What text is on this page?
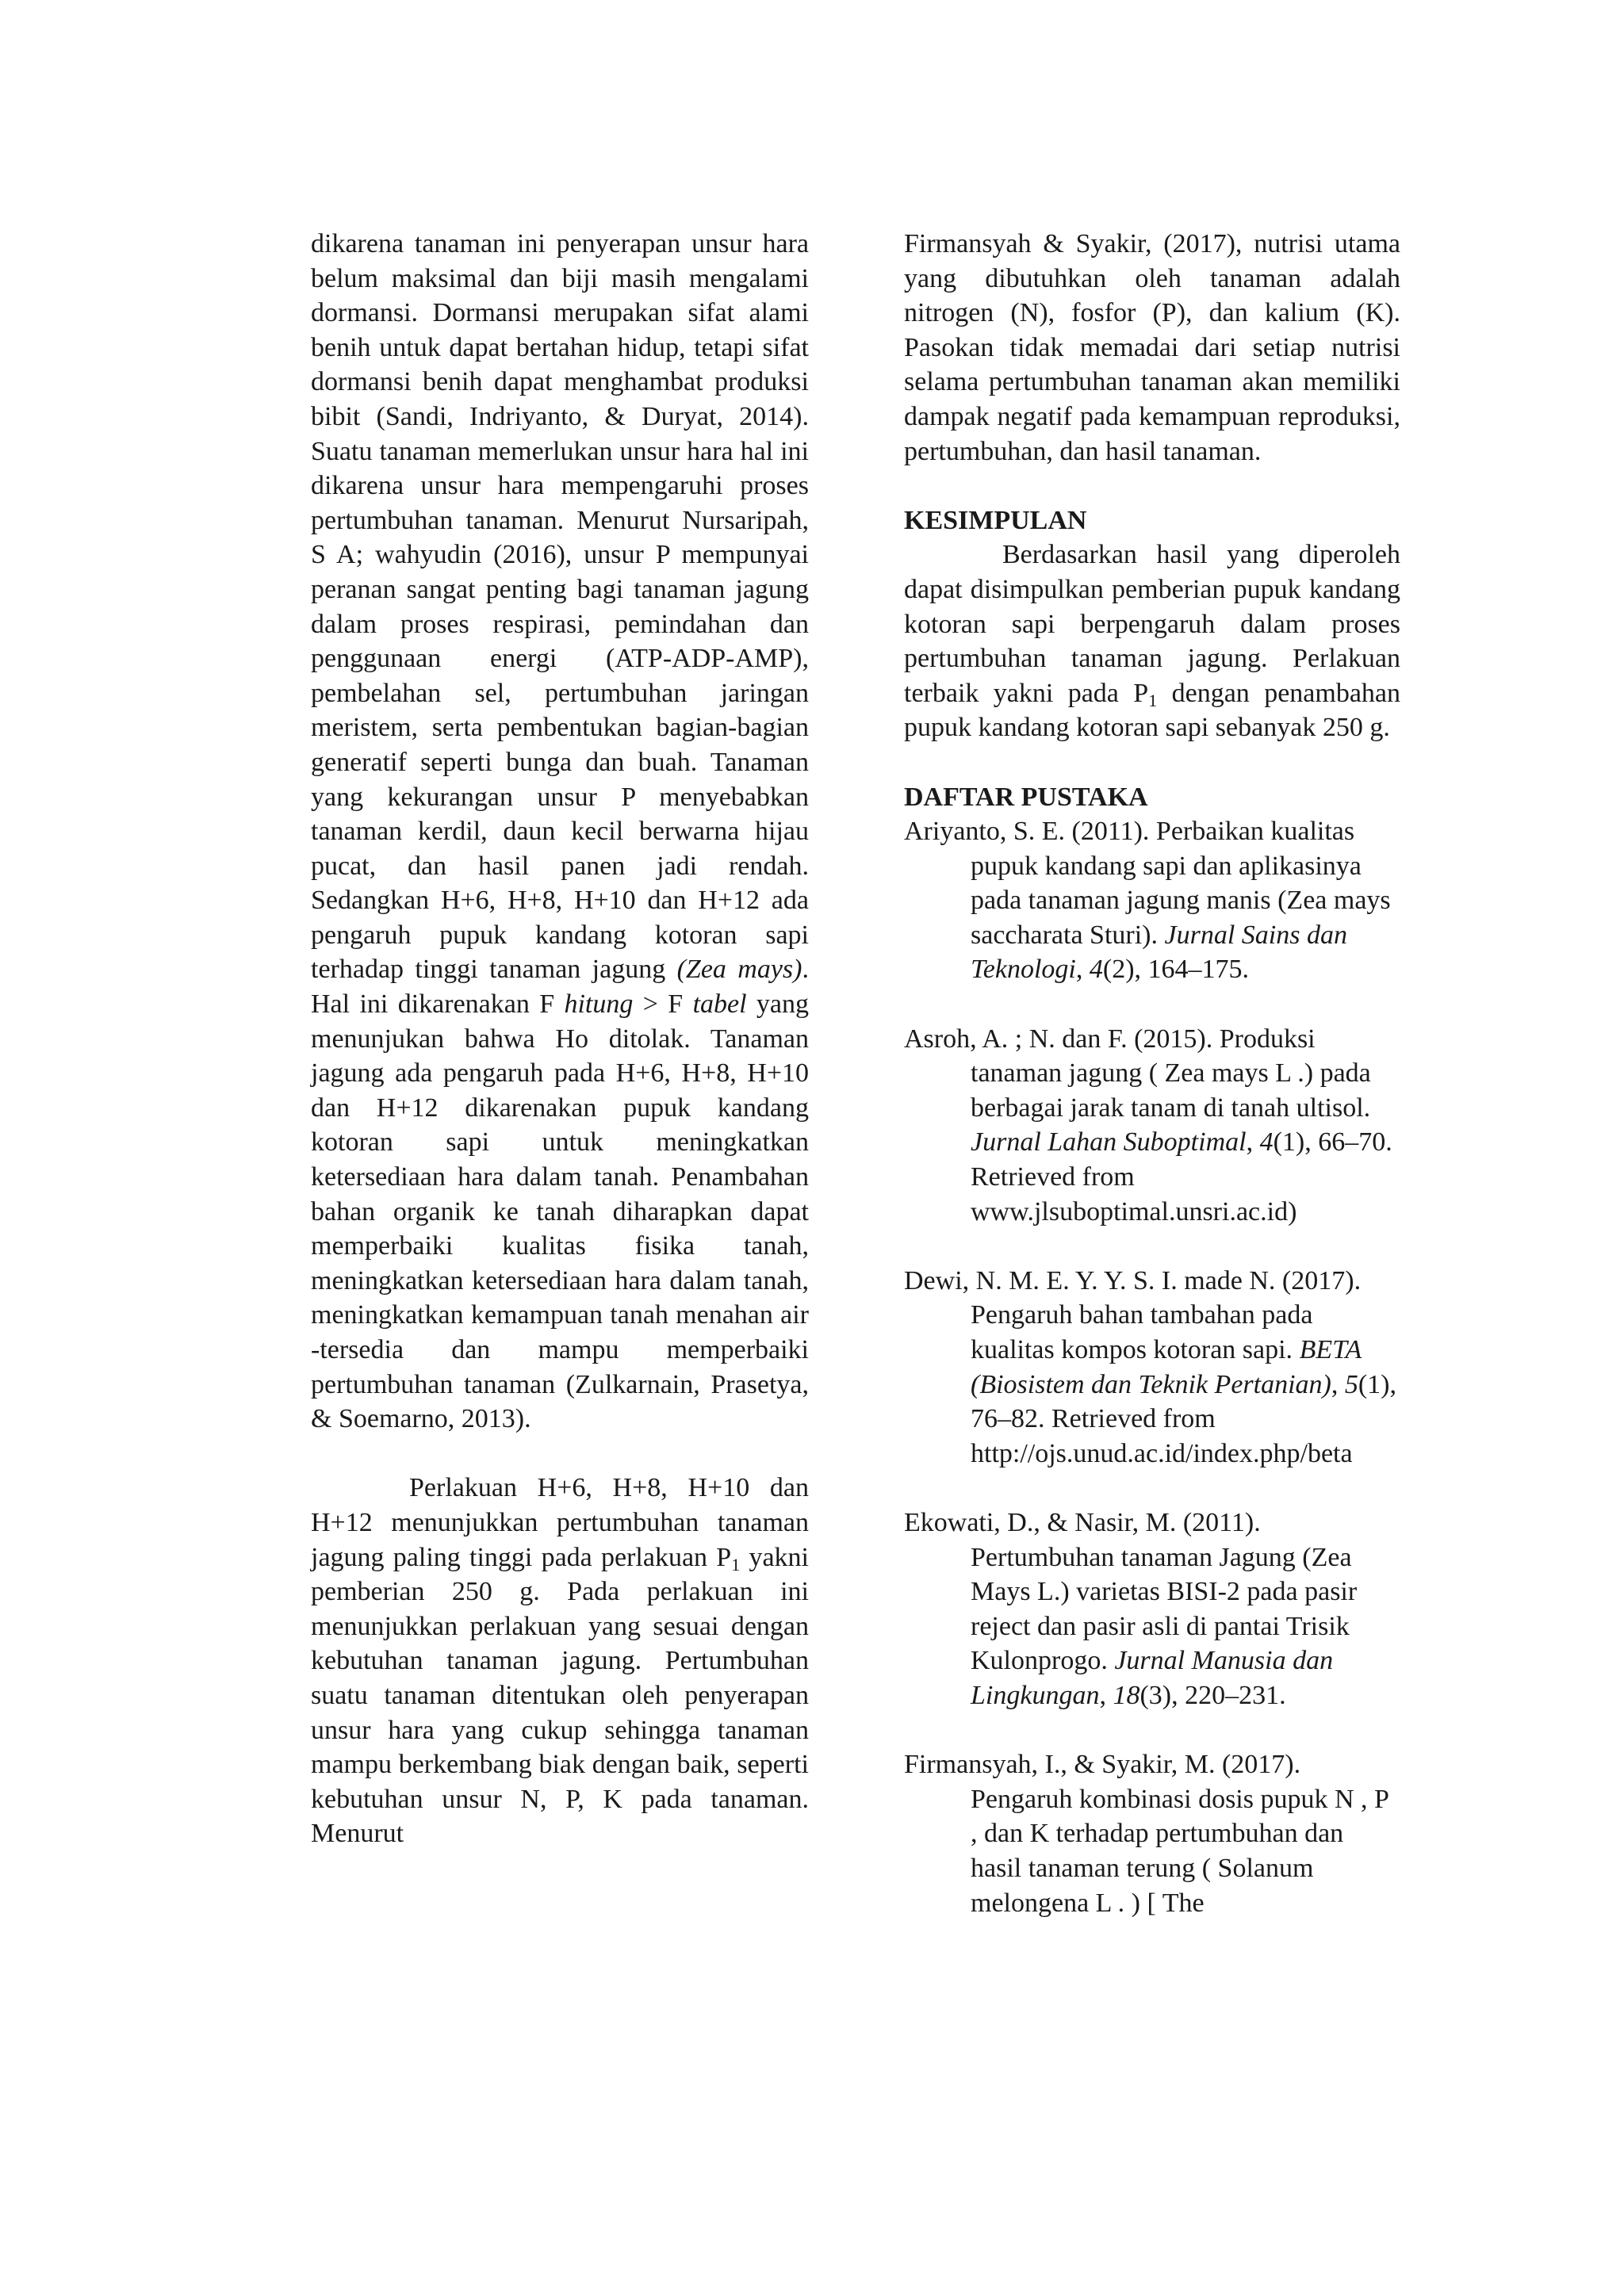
dikarena tanaman ini penyerapan unsur hara belum maksimal dan biji masih mengalami dormansi. Dormansi merupakan sifat alami benih untuk dapat bertahan hidup, tetapi sifat dormansi benih dapat menghambat produksi bibit (Sandi, Indriyanto, & Duryat, 2014). Suatu tanaman memerlukan unsur hara hal ini dikarena unsur hara mempengaruhi proses pertumbuhan tanaman. Menurut Nursaripah, S A; wahyudin (2016), unsur P mempunyai peranan sangat penting bagi tanaman jagung dalam proses respirasi, pemindahan dan penggunaan energi (ATP-ADP-AMP), pembelahan sel, pertumbuhan jaringan meristem, serta pembentukan bagian-bagian generatif seperti bunga dan buah. Tanaman yang kekurangan unsur P menyebabkan tanaman kerdil, daun kecil berwarna hijau pucat, dan hasil panen jadi rendah. Sedangkan H+6, H+8, H+10 dan H+12 ada pengaruh pupuk kandang kotoran sapi terhadap tinggi tanaman jagung (Zea mays). Hal ini dikarenakan F hitung > F tabel yang menunjukan bahwa Ho ditolak. Tanaman jagung ada pengaruh pada H+6, H+8, H+10 dan H+12 dikarenakan pupuk kandang kotoran sapi untuk meningkatkan ketersediaan hara dalam tanah. Penambahan bahan organik ke tanah diharapkan dapat memperbaiki kualitas fisika tanah, meningkatkan ketersediaan hara dalam tanah, meningkatkan kemampuan tanah menahan air -tersedia dan mampu memperbaiki pertumbuhan tanaman (Zulkarnain, Prasetya, & Soemarno, 2013).

Perlakuan H+6, H+8, H+10 dan H+12 menunjukkan pertumbuhan tanaman jagung paling tinggi pada perlakuan $P_1$ yakni pemberian 250 g. Pada perlakuan ini menunjukkan perlakuan yang sesuai dengan kebutuhan tanaman jagung. Pertumbuhan suatu tanaman ditentukan oleh penyerapan unsur hara yang cukup sehingga tanaman mampu berkembang biak dengan baik, seperti kebutuhan unsur N, P, K pada tanaman. Menurut

Firmansyah & Syakir, (2017), nutrisi utama yang dibutuhkan oleh tanaman adalah nitrogen (N), fosfor (P), dan kalium (K). Pasokan tidak memadai dari setiap nutrisi selama pertumbuhan tanaman akan memiliki dampak negatif pada kemampuan reproduksi, pertumbuhan, dan hasil tanaman.

KESIMPULAN

Berdasarkan hasil yang diperoleh dapat disimpulkan pemberian pupuk kandang kotoran sapi berpengaruh dalam proses pertumbuhan tanaman jagung. Perlakuan terbaik yakni pada $P_1$ dengan penambahan pupuk kandang kotoran sapi sebanyak 250 g.

DAFTAR PUSTAKA

Ariyanto, S. E. (2011). Perbaikan kualitas pupuk kandang sapi dan aplikasinya pada tanaman jagung manis (Zea mays saccharata Sturi). Jurnal Sains dan Teknologi, 4(2), 164–175.

Asroh, A. ; N. dan F. (2015). Produksi tanaman jagung ( Zea mays L .) pada berbagai jarak tanam di tanah ultisol. Jurnal Lahan Suboptimal, 4(1), 66–70. Retrieved from www.jlsuboptimal.unsri.ac.id)

Dewi, N. M. E. Y. Y. S. I. made N. (2017). Pengaruh bahan tambahan pada kualitas kompos kotoran sapi. BETA (Biosistem dan Teknik Pertanian), 5(1), 76–82. Retrieved from http://ojs.unud.ac.id/index.php/beta

Ekowati, D., & Nasir, M. (2011). Pertumbuhan tanaman Jagung (Zea Mays L.) varietas BISI-2 pada pasir reject dan pasir asli di pantai Trisik Kulonprogo. Jurnal Manusia dan Lingkungan, 18(3), 220–231.

Firmansyah, I., & Syakir, M. (2017). Pengaruh kombinasi dosis pupuk N , P , dan K terhadap pertumbuhan dan hasil tanaman terung ( Solanum melongena L . ) [ The
